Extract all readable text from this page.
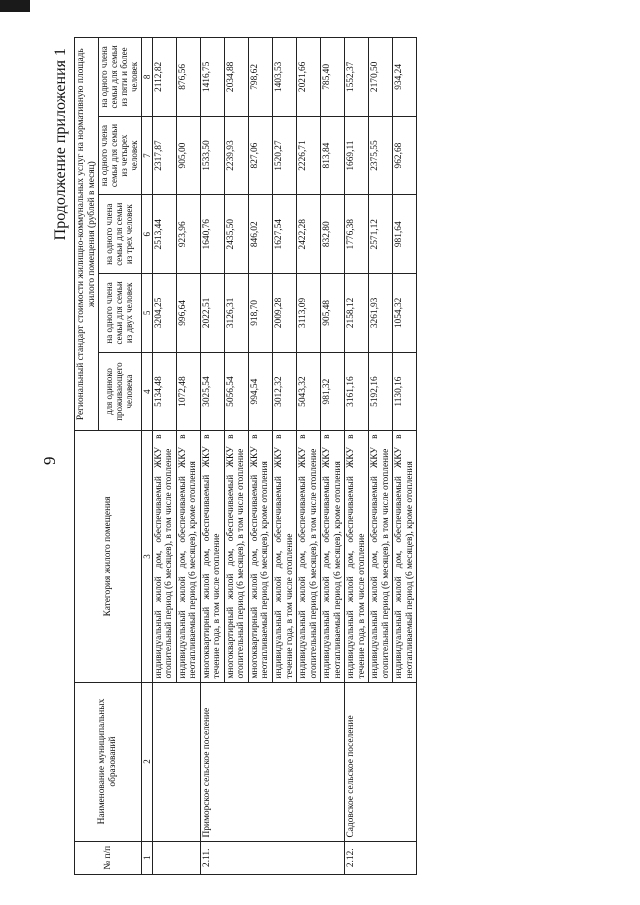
9
Продолжение приложения 1
№ п/п	Наименование муниципальных образований	Категория жилого помещения	Региональный стандарт стоимости жилищно-коммунальных услуг на нормативную площадь жилого помещения (рублей в месяц)				
			для одиноко проживающего человека	на одного члена семьи для семьи из двух человек	на одного члена семьи для семьи из трех человек	на одного члена семьи для семьи из четырех человек	на одного члена семьи для семьи из пяти и более человек
1	2	3	4	5	6	7	8
		индивидуальный жилой дом, обеспечиваемый ЖКУ в отопительный период (6 месяцев), в том числе отопление	5134,48	3204,25	2513,44	2317,87	2112,82
		индивидуальный жилой дом, обеспечиваемый ЖКУ в неотапливаемый период (6 месяцев), кроме отопления	1072,48	996,64	923,96	905,00	876,56
2.11.	Приморское сельское поселение	многоквартирный жилой дом, обеспечиваемый ЖКУ в течение года, в том числе отопление	3025,54	2022,51	1640,76	1533,50	1416,75
		многоквартирный жилой дом, обеспечиваемый ЖКУ в отопительный период (6 месяцев), в том числе отопление	5056,54	3126,31	2435,50	2239,93	2034,88
		многоквартирный жилой дом, обеспечиваемый ЖКУ в неотапливаемый период (6 месяцев), кроме отопления	994,54	918,70	846,02	827,06	798,62
		индивидуальный жилой дом, обеспечиваемый ЖКУ в течение года, в том числе отопление	3012,32	2009,28	1627,54	1520,27	1403,53
		индивидуальный жилой дом, обеспечиваемый ЖКУ в отопительный период (6 месяцев), в том числе отопление	5043,32	3113,09	2422,28	2226,71	2021,66
		индивидуальный жилой дом, обеспечиваемый ЖКУ в неотапливаемый период (6 месяцев), кроме отопления	981,32	905,48	832,80	813,84	785,40
2.12.	Садовское сельское поселение	индивидуальный жилой дом, обеспечиваемый ЖКУ в течение года, в том числе отопление	3161,16	2158,12	1776,38	1669,11	1552,37
		индивидуальный жилой дом, обеспечиваемый ЖКУ в отопительный период (6 месяцев), в том числе отопление	5192,16	3261,93	2571,12	2375,55	2170,50
		индивидуальный жилой дом, обеспечиваемый ЖКУ в неотапливаемый период (6 месяцев), кроме отопления	1130,16	1054,32	981,64	962,68	934,24
